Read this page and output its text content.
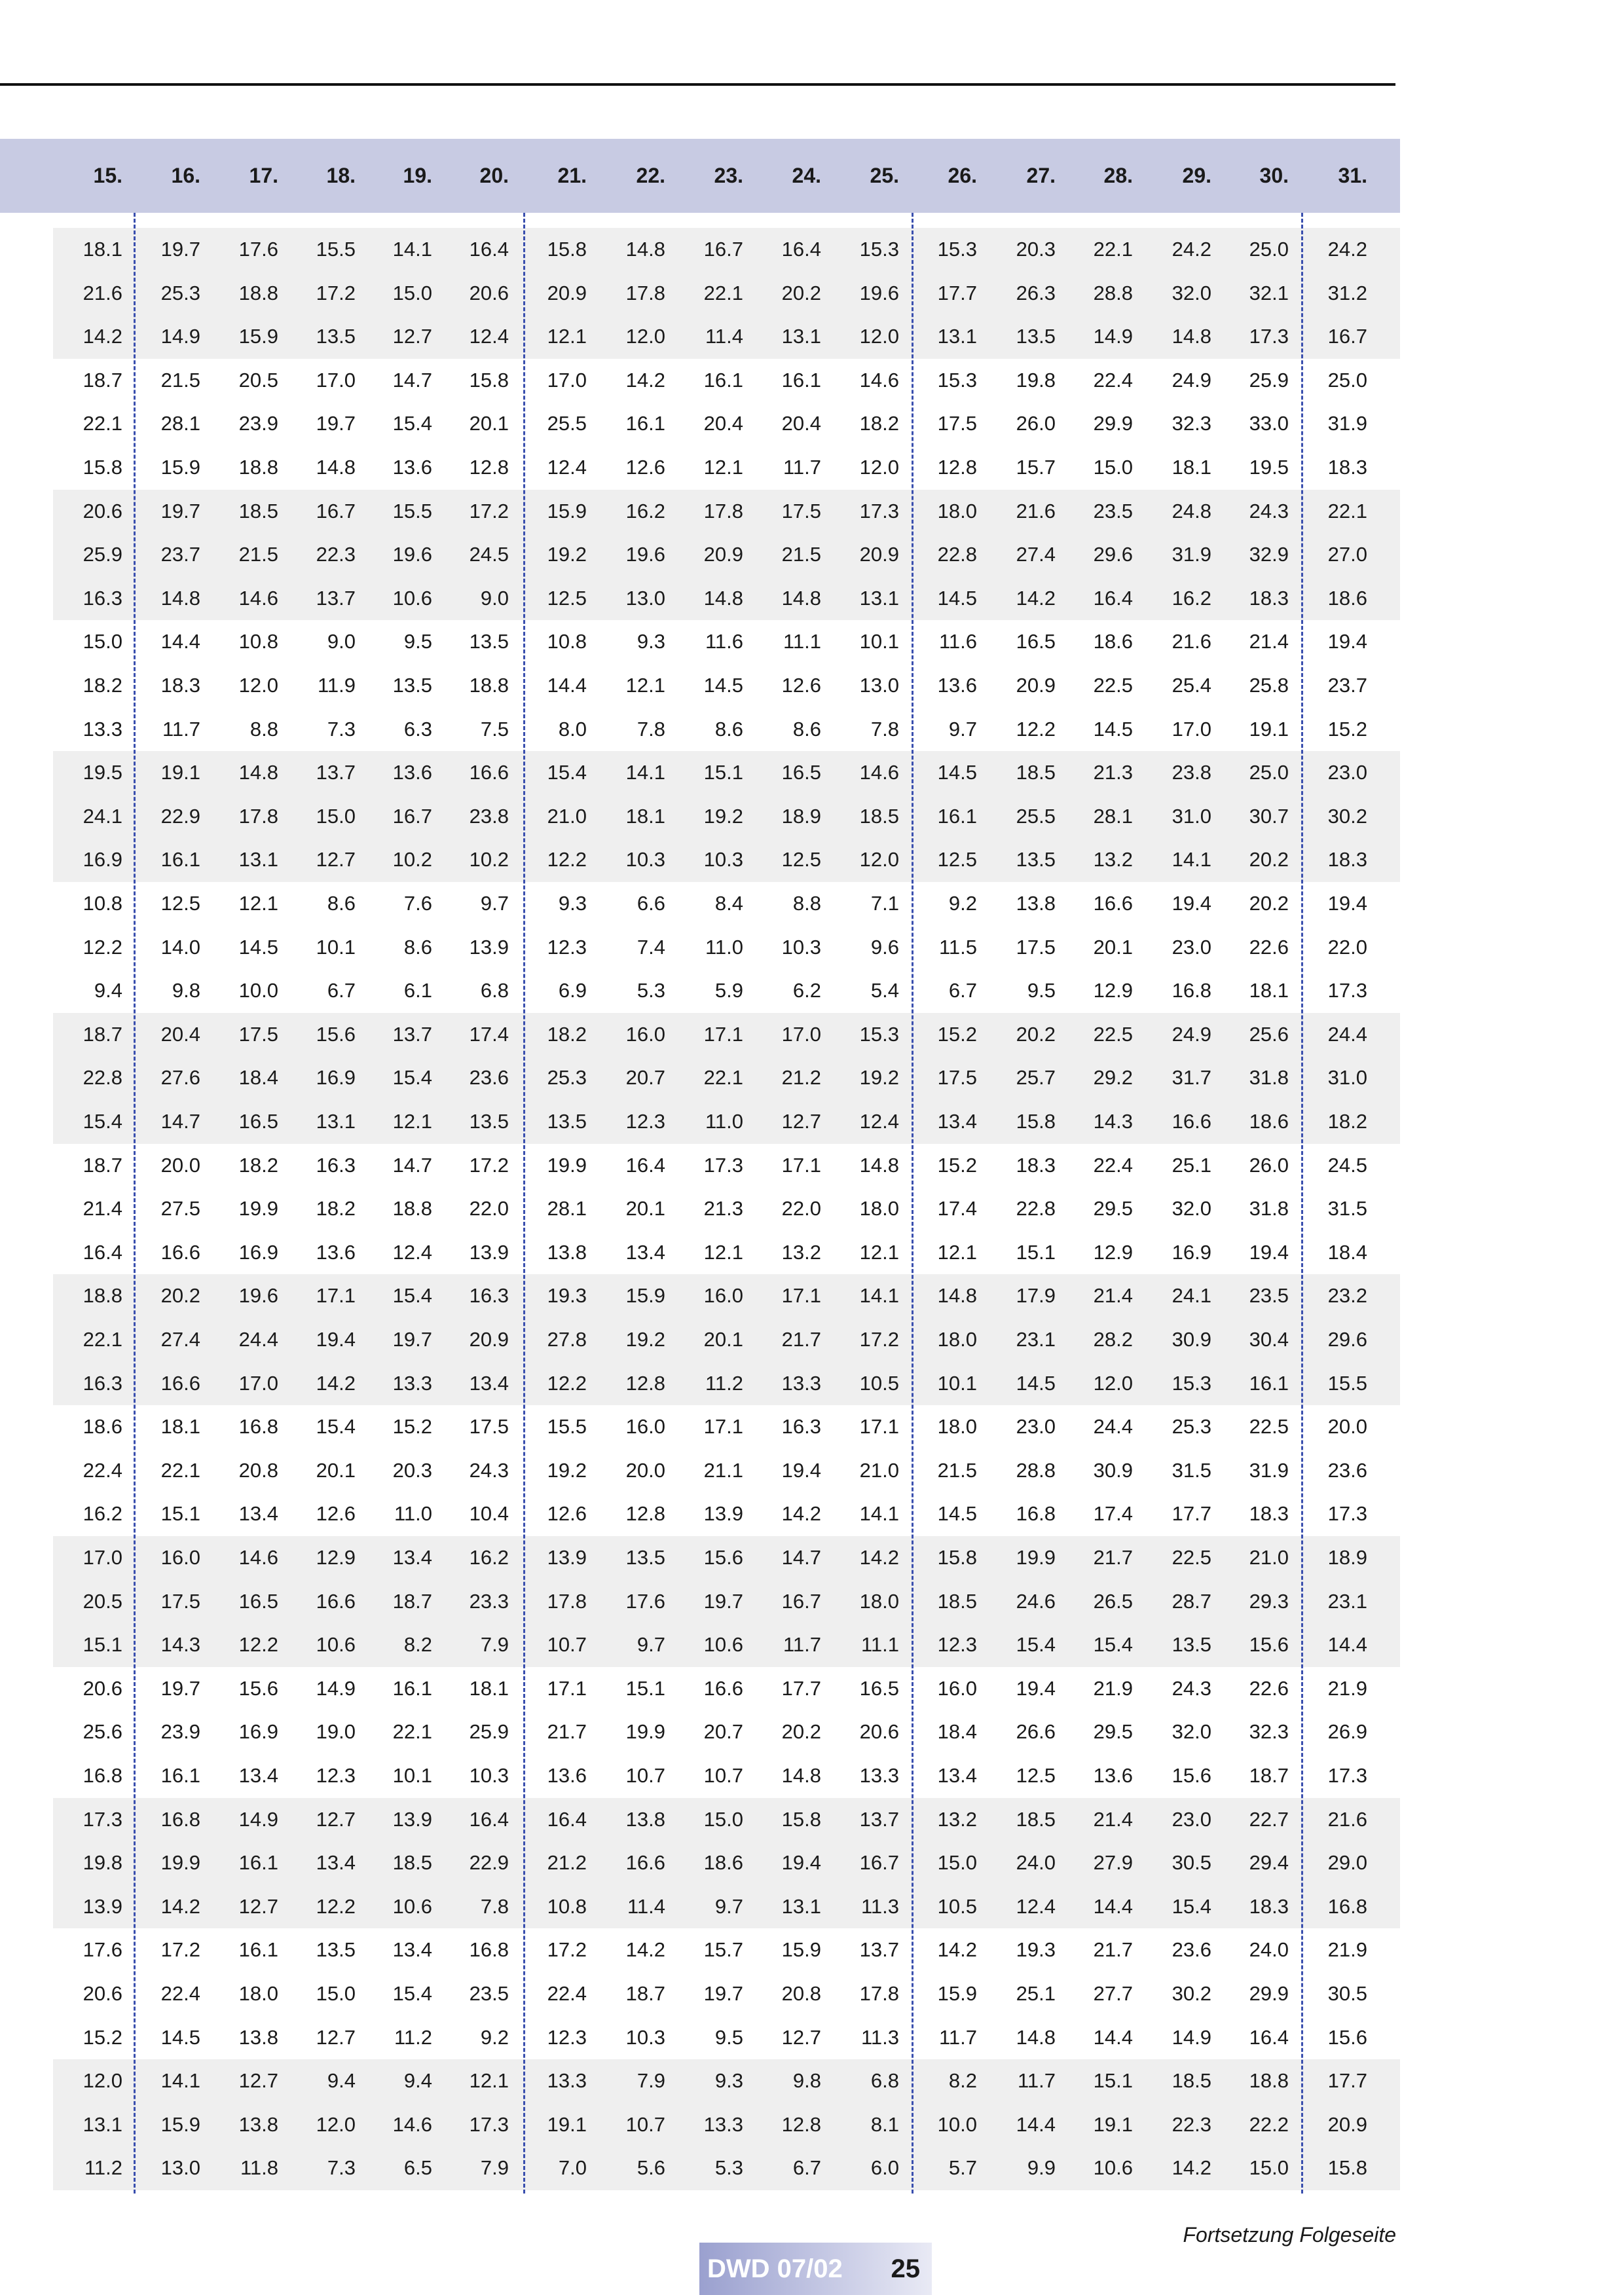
15.	16.	17.	18.	19.	20.	21.	22.	23.	24.	25.	26.	27.	28.	29.	30.	31.
18.1	19.7	17.6	15.5	14.1	16.4	15.8	14.8	16.7	16.4	15.3	15.3	20.3	22.1	24.2	25.0	24.2
21.6	25.3	18.8	17.2	15.0	20.6	20.9	17.8	22.1	20.2	19.6	17.7	26.3	28.8	32.0	32.1	31.2
14.2	14.9	15.9	13.5	12.7	12.4	12.1	12.0	11.4	13.1	12.0	13.1	13.5	14.9	14.8	17.3	16.7
18.7	21.5	20.5	17.0	14.7	15.8	17.0	14.2	16.1	16.1	14.6	15.3	19.8	22.4	24.9	25.9	25.0
22.1	28.1	23.9	19.7	15.4	20.1	25.5	16.1	20.4	20.4	18.2	17.5	26.0	29.9	32.3	33.0	31.9
15.8	15.9	18.8	14.8	13.6	12.8	12.4	12.6	12.1	11.7	12.0	12.8	15.7	15.0	18.1	19.5	18.3
20.6	19.7	18.5	16.7	15.5	17.2	15.9	16.2	17.8	17.5	17.3	18.0	21.6	23.5	24.8	24.3	22.1
25.9	23.7	21.5	22.3	19.6	24.5	19.2	19.6	20.9	21.5	20.9	22.8	27.4	29.6	31.9	32.9	27.0
16.3	14.8	14.6	13.7	10.6	9.0	12.5	13.0	14.8	14.8	13.1	14.5	14.2	16.4	16.2	18.3	18.6
15.0	14.4	10.8	9.0	9.5	13.5	10.8	9.3	11.6	11.1	10.1	11.6	16.5	18.6	21.6	21.4	19.4
18.2	18.3	12.0	11.9	13.5	18.8	14.4	12.1	14.5	12.6	13.0	13.6	20.9	22.5	25.4	25.8	23.7
13.3	11.7	8.8	7.3	6.3	7.5	8.0	7.8	8.6	8.6	7.8	9.7	12.2	14.5	17.0	19.1	15.2
19.5	19.1	14.8	13.7	13.6	16.6	15.4	14.1	15.1	16.5	14.6	14.5	18.5	21.3	23.8	25.0	23.0
24.1	22.9	17.8	15.0	16.7	23.8	21.0	18.1	19.2	18.9	18.5	16.1	25.5	28.1	31.0	30.7	30.2
16.9	16.1	13.1	12.7	10.2	10.2	12.2	10.3	10.3	12.5	12.0	12.5	13.5	13.2	14.1	20.2	18.3
10.8	12.5	12.1	8.6	7.6	9.7	9.3	6.6	8.4	8.8	7.1	9.2	13.8	16.6	19.4	20.2	19.4
12.2	14.0	14.5	10.1	8.6	13.9	12.3	7.4	11.0	10.3	9.6	11.5	17.5	20.1	23.0	22.6	22.0
9.4	9.8	10.0	6.7	6.1	6.8	6.9	5.3	5.9	6.2	5.4	6.7	9.5	12.9	16.8	18.1	17.3
18.7	20.4	17.5	15.6	13.7	17.4	18.2	16.0	17.1	17.0	15.3	15.2	20.2	22.5	24.9	25.6	24.4
22.8	27.6	18.4	16.9	15.4	23.6	25.3	20.7	22.1	21.2	19.2	17.5	25.7	29.2	31.7	31.8	31.0
15.4	14.7	16.5	13.1	12.1	13.5	13.5	12.3	11.0	12.7	12.4	13.4	15.8	14.3	16.6	18.6	18.2
18.7	20.0	18.2	16.3	14.7	17.2	19.9	16.4	17.3	17.1	14.8	15.2	18.3	22.4	25.1	26.0	24.5
21.4	27.5	19.9	18.2	18.8	22.0	28.1	20.1	21.3	22.0	18.0	17.4	22.8	29.5	32.0	31.8	31.5
16.4	16.6	16.9	13.6	12.4	13.9	13.8	13.4	12.1	13.2	12.1	12.1	15.1	12.9	16.9	19.4	18.4
18.8	20.2	19.6	17.1	15.4	16.3	19.3	15.9	16.0	17.1	14.1	14.8	17.9	21.4	24.1	23.5	23.2
22.1	27.4	24.4	19.4	19.7	20.9	27.8	19.2	20.1	21.7	17.2	18.0	23.1	28.2	30.9	30.4	29.6
16.3	16.6	17.0	14.2	13.3	13.4	12.2	12.8	11.2	13.3	10.5	10.1	14.5	12.0	15.3	16.1	15.5
18.6	18.1	16.8	15.4	15.2	17.5	15.5	16.0	17.1	16.3	17.1	18.0	23.0	24.4	25.3	22.5	20.0
22.4	22.1	20.8	20.1	20.3	24.3	19.2	20.0	21.1	19.4	21.0	21.5	28.8	30.9	31.5	31.9	23.6
16.2	15.1	13.4	12.6	11.0	10.4	12.6	12.8	13.9	14.2	14.1	14.5	16.8	17.4	17.7	18.3	17.3
17.0	16.0	14.6	12.9	13.4	16.2	13.9	13.5	15.6	14.7	14.2	15.8	19.9	21.7	22.5	21.0	18.9
20.5	17.5	16.5	16.6	18.7	23.3	17.8	17.6	19.7	16.7	18.0	18.5	24.6	26.5	28.7	29.3	23.1
15.1	14.3	12.2	10.6	8.2	7.9	10.7	9.7	10.6	11.7	11.1	12.3	15.4	15.4	13.5	15.6	14.4
20.6	19.7	15.6	14.9	16.1	18.1	17.1	15.1	16.6	17.7	16.5	16.0	19.4	21.9	24.3	22.6	21.9
25.6	23.9	16.9	19.0	22.1	25.9	21.7	19.9	20.7	20.2	20.6	18.4	26.6	29.5	32.0	32.3	26.9
16.8	16.1	13.4	12.3	10.1	10.3	13.6	10.7	10.7	14.8	13.3	13.4	12.5	13.6	15.6	18.7	17.3
17.3	16.8	14.9	12.7	13.9	16.4	16.4	13.8	15.0	15.8	13.7	13.2	18.5	21.4	23.0	22.7	21.6
19.8	19.9	16.1	13.4	18.5	22.9	21.2	16.6	18.6	19.4	16.7	15.0	24.0	27.9	30.5	29.4	29.0
13.9	14.2	12.7	12.2	10.6	7.8	10.8	11.4	9.7	13.1	11.3	10.5	12.4	14.4	15.4	18.3	16.8
17.6	17.2	16.1	13.5	13.4	16.8	17.2	14.2	15.7	15.9	13.7	14.2	19.3	21.7	23.6	24.0	21.9
20.6	22.4	18.0	15.0	15.4	23.5	22.4	18.7	19.7	20.8	17.8	15.9	25.1	27.7	30.2	29.9	30.5
15.2	14.5	13.8	12.7	11.2	9.2	12.3	10.3	9.5	12.7	11.3	11.7	14.8	14.4	14.9	16.4	15.6
12.0	14.1	12.7	9.4	9.4	12.1	13.3	7.9	9.3	9.8	6.8	8.2	11.7	15.1	18.5	18.8	17.7
13.1	15.9	13.8	12.0	14.6	17.3	19.1	10.7	13.3	12.8	8.1	10.0	14.4	19.1	22.3	22.2	20.9
11.2	13.0	11.8	7.3	6.5	7.9	7.0	5.6	5.3	6.7	6.0	5.7	9.9	10.6	14.2	15.0	15.8
Fortsetzung Folgeseite
DWD 07/02 25
